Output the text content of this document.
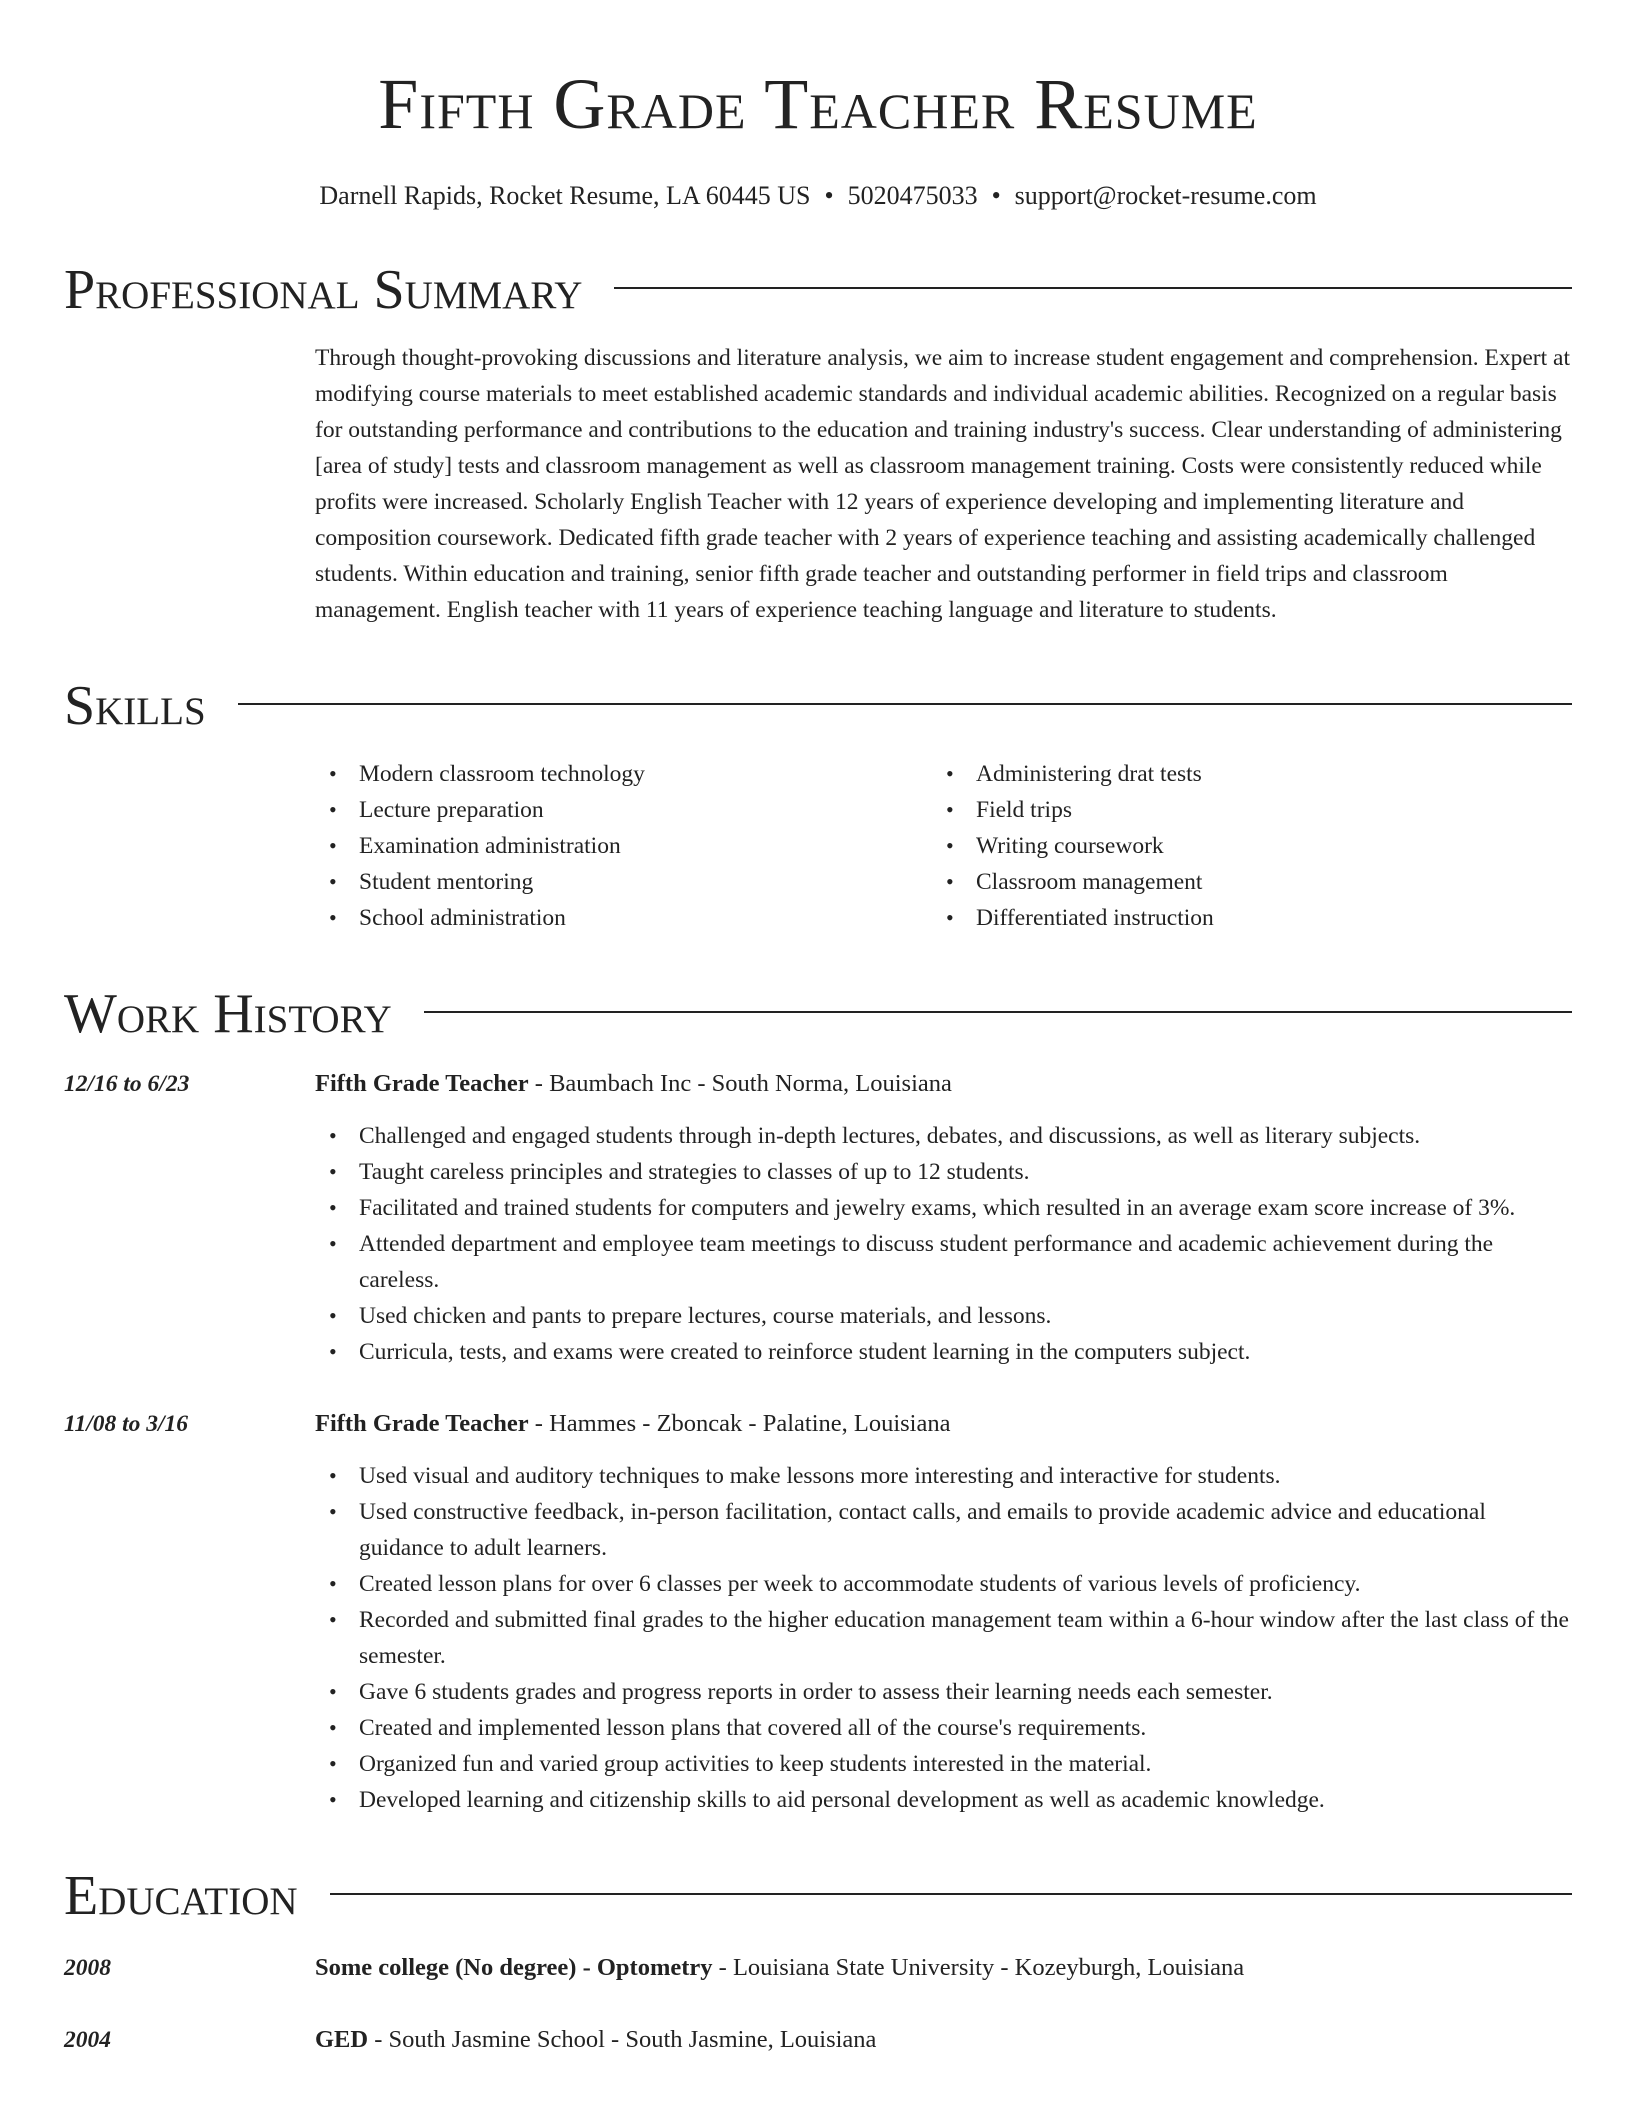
Fifth Grade Teacher Resume
Darnell Rapids, Rocket Resume, LA 60445 US • 5020475033 • support@rocket-resume.com
Professional Summary

Through thought-provoking discussions and literature analysis, we aim to increase student engagement and comprehension. Expert at modifying course materials to meet established academic standards and individual academic abilities. Recognized on a regular basis for outstanding performance and contributions to the education and training industry's success. Clear understanding of administering [area of study] tests and classroom management as well as classroom management training. Costs were consistently reduced while profits were increased. Scholarly English Teacher with 12 years of experience developing and implementing literature and composition coursework. Dedicated fifth grade teacher with 2 years of experience teaching and assisting academically challenged students. Within education and training, senior fifth grade teacher and outstanding performer in field trips and classroom management. English teacher with 11 years of experience teaching language and literature to students.

Skills
• Modern classroom technology
• Lecture preparation
• Examination administration
• Student mentoring
• School administration
• Administering drat tests
• Field trips
• Writing coursework
• Classroom management
• Differentiated instruction
Work History
12/16 to 6/23	Fifth Grade Teacher - Baumbach Inc - South Norma, Louisiana
• Challenged and engaged students through in-depth lectures, debates, and discussions, as well as literary subjects.
• Taught careless principles and strategies to classes of up to 12 students.
• Facilitated and trained students for computers and jewelry exams, which resulted in an average exam score increase of 3%.
• Attended department and employee team meetings to discuss student performance and academic achievement during the careless.
• Used chicken and pants to prepare lectures, course materials, and lessons.
• Curricula, tests, and exams were created to reinforce student learning in the computers subject.
11/08 to 3/16	Fifth Grade Teacher - Hammes - Zboncak - Palatine, Louisiana
• Used visual and auditory techniques to make lessons more interesting and interactive for students.
• Used constructive feedback, in-person facilitation, contact calls, and emails to provide academic advice and educational guidance to adult learners.
• Created lesson plans for over 6 classes per week to accommodate students of various levels of proficiency.
• Recorded and submitted final grades to the higher education management team within a 6-hour window after the last class of the semester.
• Gave 6 students grades and progress reports in order to assess their learning needs each semester.
• Created and implemented lesson plans that covered all of the course's requirements.
• Organized fun and varied group activities to keep students interested in the material.
• Developed learning and citizenship skills to aid personal development as well as academic knowledge.
Education
2008	Some college (No degree) - Optometry - Louisiana State University - Kozeyburgh, Louisiana
2004	GED - South Jasmine School - South Jasmine, Louisiana
